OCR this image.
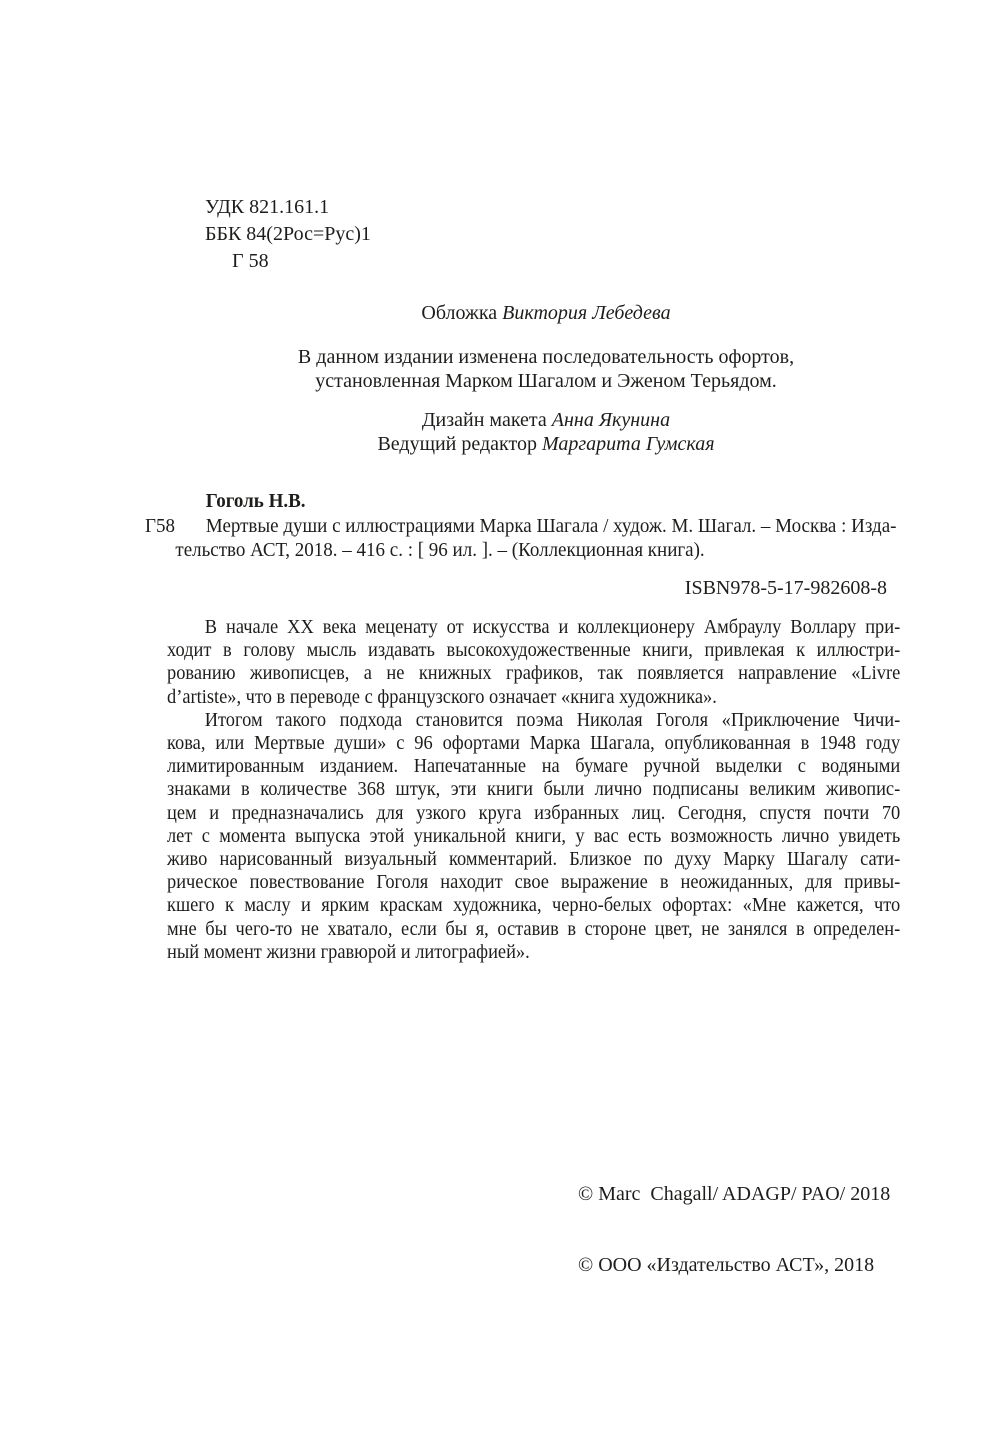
УДК 821.161.1
ББК 84(2Рос=Рус)1
Г 58
Обложка Виктория Лебедева
В данном издании изменена последовательность офортов,
установленная Марком Шагалом и Эженом Терьядом.
Дизайн макета Анна Якунина
Ведущий редактор Маргарита Гумская
Гоголь Н.В.
Г58 Мертвые души с иллюстрациями Марка Шагала / худож. М. Шагал. – Москва : Изда-
тельство АСТ, 2018. – 416 с. : [ 96 ил. ]. – (Коллекционная книга).
ISBN978-5-17-982608-8
В начале ХХ века меценату от искусства и коллекционеру Амбраулу Воллару при-
ходит в голову мысль издавать высокохудожественные книги, привлекая к иллюстри-
рованию живописцев, а не книжных графиков, так появляется направление «Livre
d’artiste», что в переводе с французского означает «книга художника».
Итогом такого подхода становится поэма Николая Гоголя «Приключение Чичи-
кова, или Мертвые души» с 96 офортами Марка Шагала, опубликованная в 1948 году
лимитированным изданием. Напечатанные на бумаге ручной выделки с водяными
знаками в количестве 368 штук, эти книги были лично подписаны великим живопис-
цем и предназначались для узкого круга избранных лиц. Сегодня, спустя почти 70
лет с момента выпуска этой уникальной книги, у вас есть возможность лично увидеть
живо нарисованный визуальный комментарий. Близкое по духу Марку Шагалу сати-
рическое повествование Гоголя находит свое выражение в неожиданных, для привы-
кшего к маслу и ярким краскам художника, черно-белых офортах: «Мне кажется, что
мне бы чего-то не хватало, если бы я, оставив в стороне цвет, не занялся в определен-
ный момент жизни гравюрой и литографией».

© Marc  Chagall/ ADAGP/ PAO/ 2018

© ООО «Издательство АСТ», 2018
